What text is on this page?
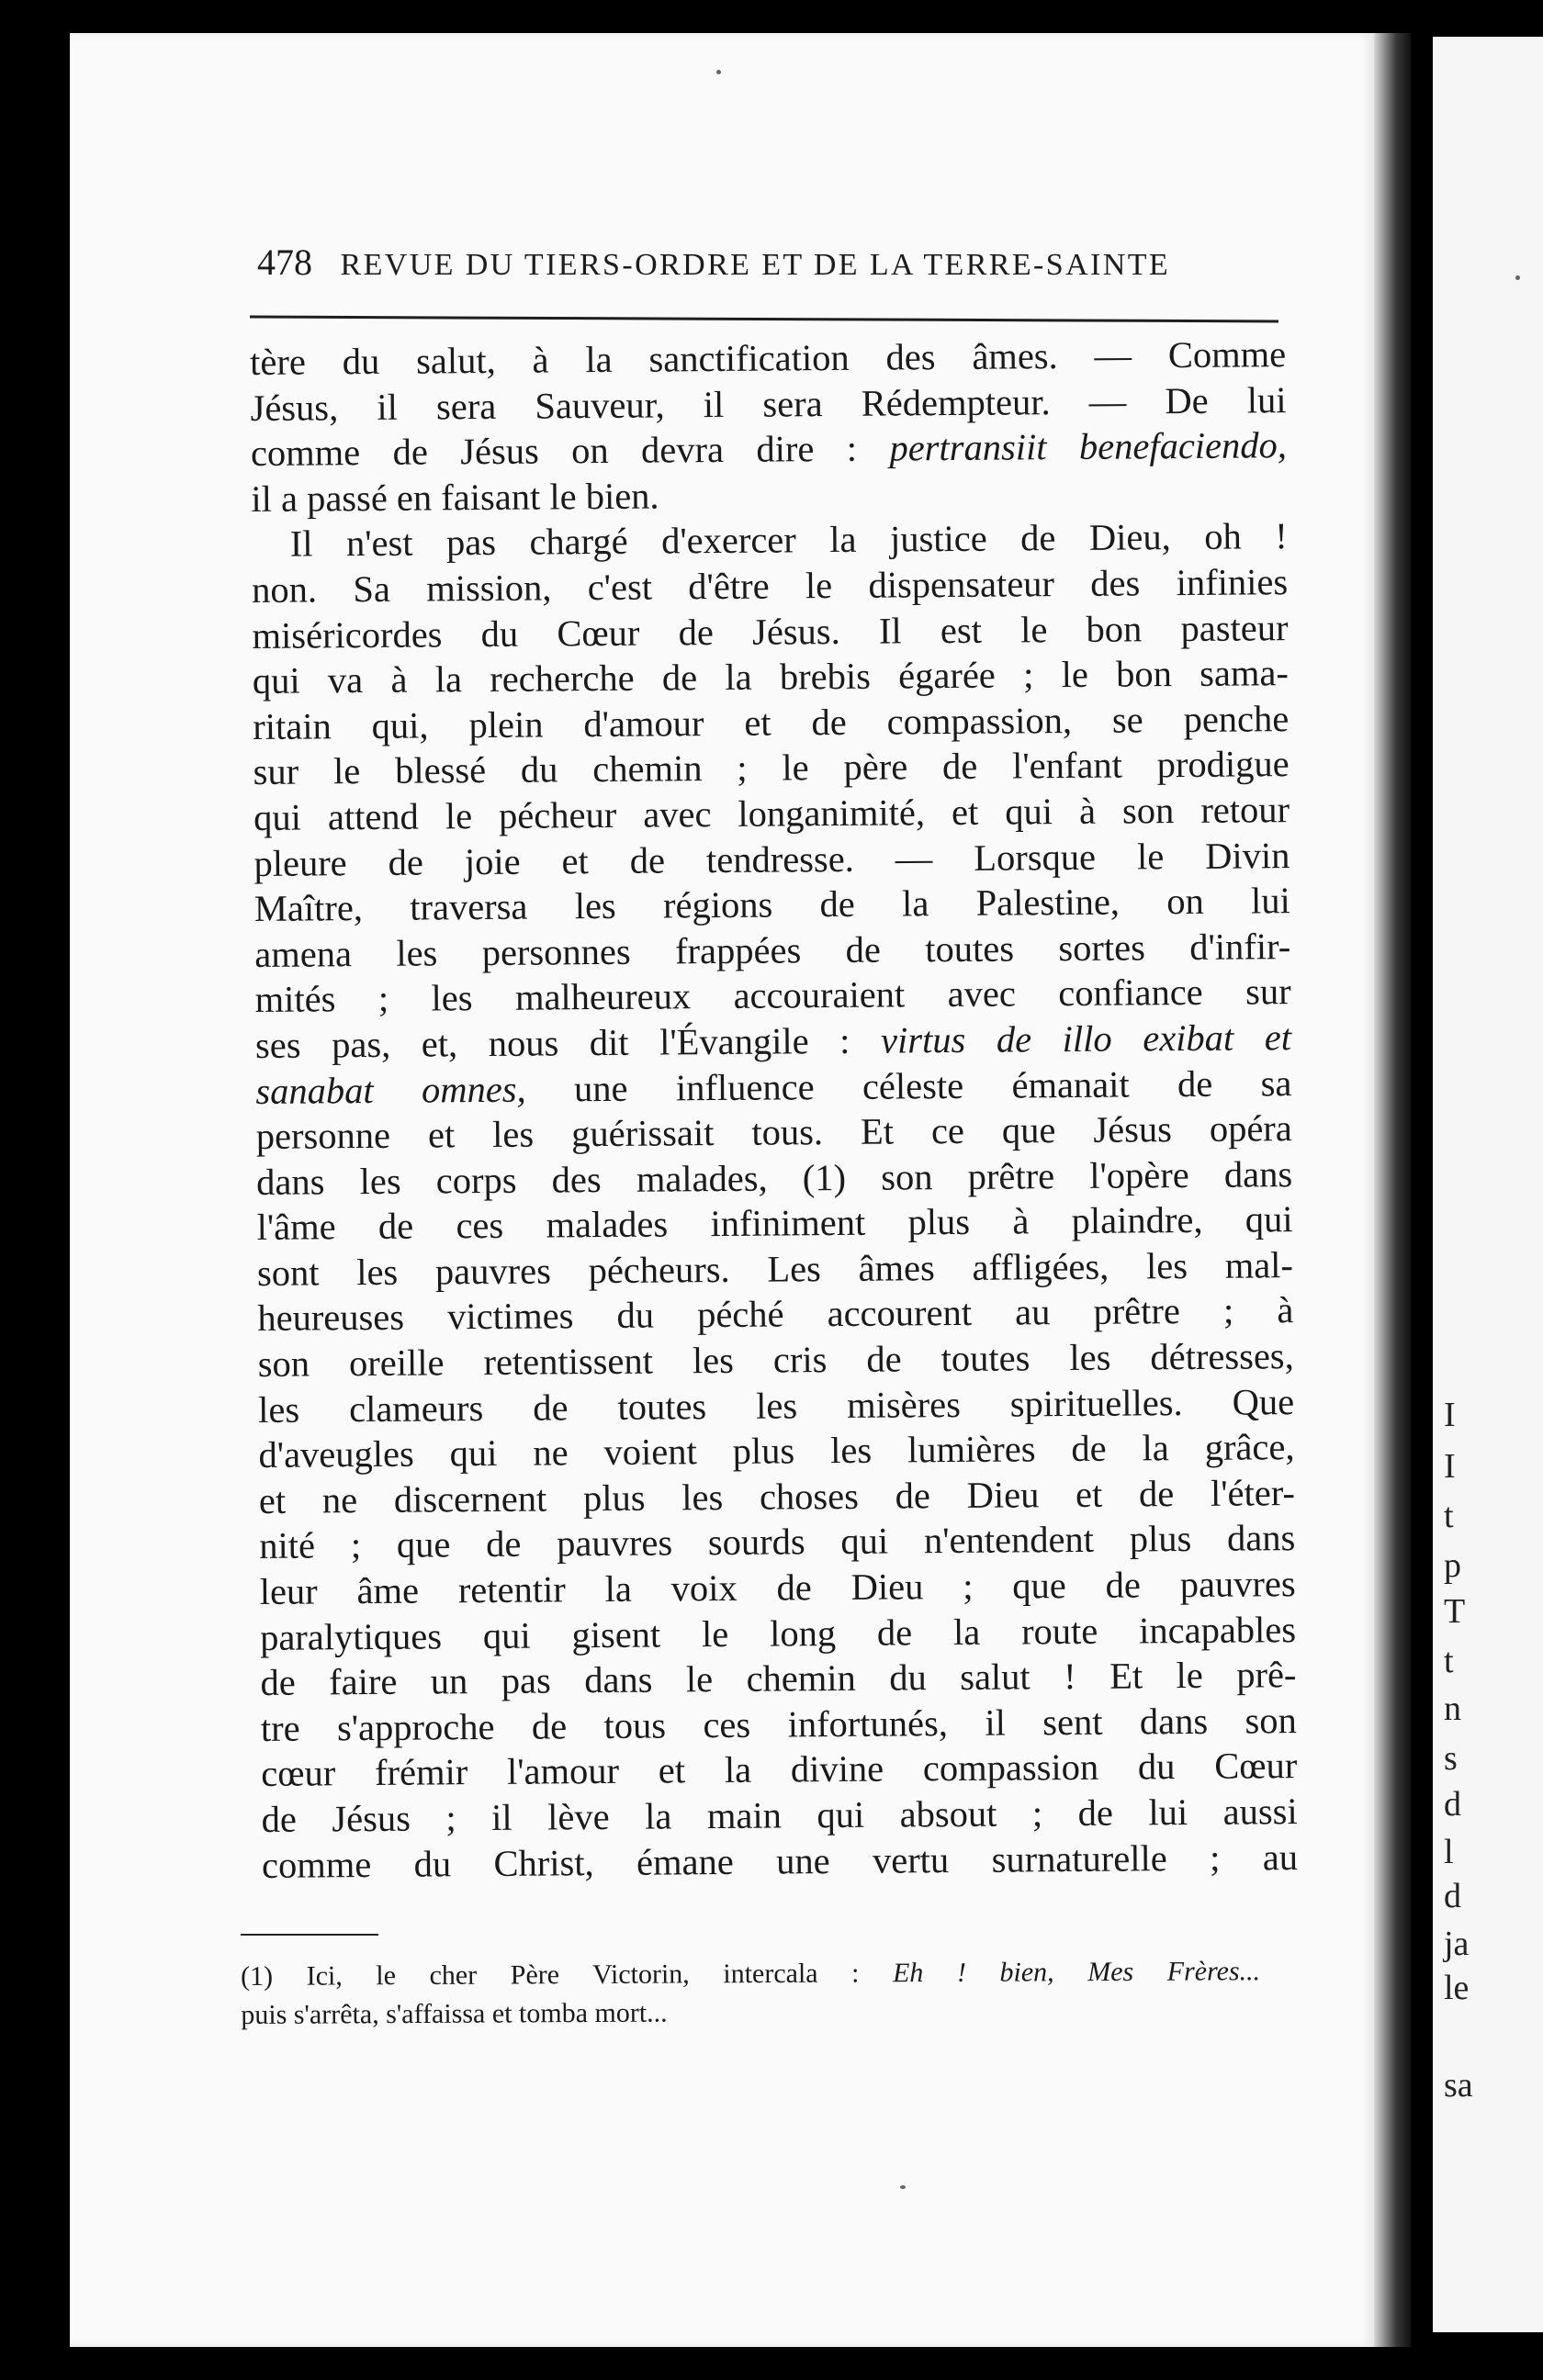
I
I
t
p
T
t
n
s
d
l
d
ja
le
sa
478 REVUE DU TIERS-ORDRE ET DE LA TERRE-SAINTE
tère du salut, à la sanctification des âmes. — Comme
Jésus, il sera Sauveur, il sera Rédempteur. — De lui
comme de Jésus on devra dire : pertransiit benefaciendo,
il a passé en faisant le bien.
Il n'est pas chargé d'exercer la justice de Dieu, oh !
non. Sa mission, c'est d'être le dispensateur des infinies
miséricordes du Cœur de Jésus. Il est le bon pasteur
qui va à la recherche de la brebis égarée ; le bon sama-
ritain qui, plein d'amour et de compassion, se penche
sur le blessé du chemin ; le père de l'enfant prodigue
qui attend le pécheur avec longanimité, et qui à son retour
pleure de joie et de tendresse. — Lorsque le Divin
Maître, traversa les régions de la Palestine, on lui
amena les personnes frappées de toutes sortes d'infir-
mités ; les malheureux accouraient avec confiance sur
ses pas, et, nous dit l'Évangile : virtus de illo exibat et
sanabat omnes, une influence céleste émanait de sa
personne et les guérissait tous. Et ce que Jésus opéra
dans les corps des malades, (1) son prêtre l'opère dans
l'âme de ces malades infiniment plus à plaindre, qui
sont les pauvres pécheurs. Les âmes affligées, les mal-
heureuses victimes du péché accourent au prêtre ; à
son oreille retentissent les cris de toutes les détresses,
les clameurs de toutes les misères spirituelles. Que
d'aveugles qui ne voient plus les lumières de la grâce,
et ne discernent plus les choses de Dieu et de l'éter-
nité ; que de pauvres sourds qui n'entendent plus dans
leur âme retentir la voix de Dieu ; que de pauvres
paralytiques qui gisent le long de la route incapables
de faire un pas dans le chemin du salut ! Et le prê-
tre s'approche de tous ces infortunés, il sent dans son
cœur frémir l'amour et la divine compassion du Cœur
de Jésus ; il lève la main qui absout ; de lui aussi
comme du Christ, émane une vertu surnaturelle ; au
(1) Ici, le cher Père Victorin, intercala : Eh ! bien, Mes Frères...
puis s'arrêta, s'affaissa et tomba mort...
